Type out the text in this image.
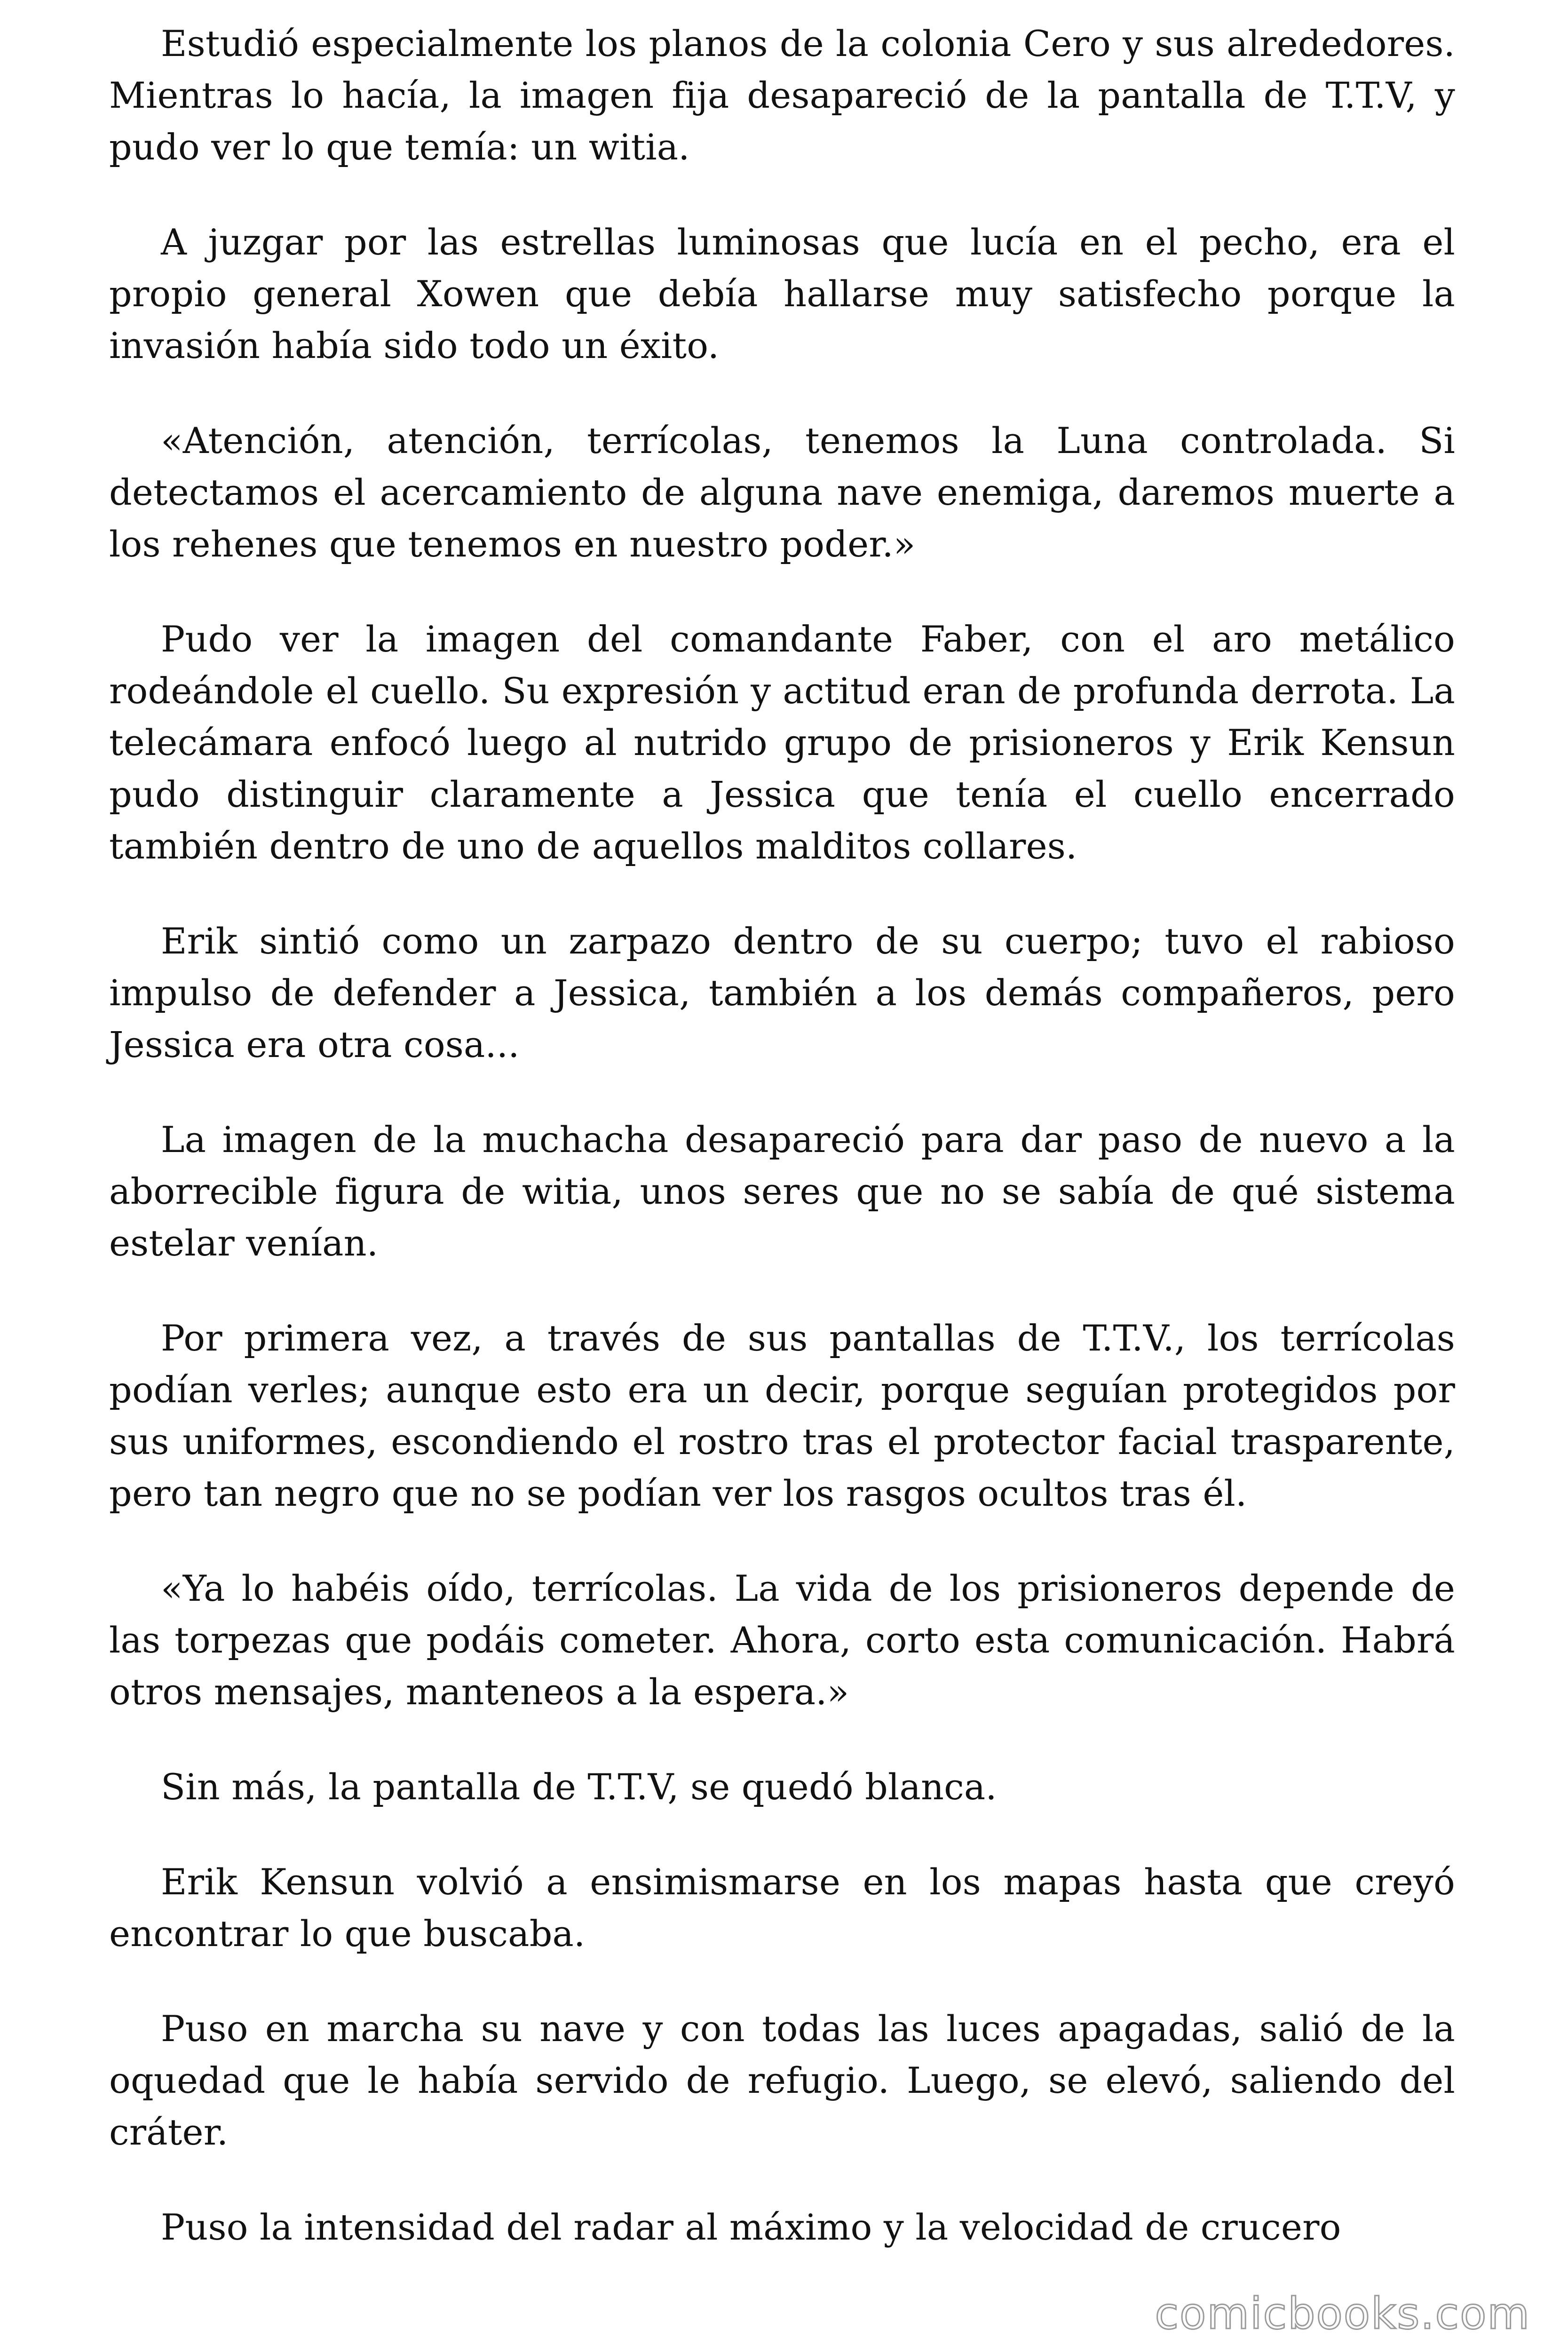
Estudió especialmente los planos de la colonia Cero y sus alrededores. Mientras lo hacía, la imagen fija desapareció de la pantalla de T.T.V, y pudo ver lo que temía: un witia.

A juzgar por las estrellas luminosas que lucía en el pecho, era el propio general Xowen que debía hallarse muy satisfecho porque la invasión había sido todo un éxito.

«Atención, atención, terrícolas, tenemos la Luna controlada. Si detectamos el acercamiento de alguna nave enemiga, daremos muerte a los rehenes que tenemos en nuestro poder.»

Pudo ver la imagen del comandante Faber, con el aro metálico rodeándole el cuello. Su expresión y actitud eran de profunda derrota. La telecámara enfocó luego al nutrido grupo de prisioneros y Erik Kensun pudo distinguir claramente a Jessica que tenía el cuello encerrado también dentro de uno de aquellos malditos collares.

Erik sintió como un zarpazo dentro de su cuerpo; tuvo el rabioso impulso de defender a Jessica, también a los demás compañeros, pero Jessica era otra cosa...

La imagen de la muchacha desapareció para dar paso de nuevo a la aborrecible figura de witia, unos seres que no se sabía de qué sistema estelar venían.

Por primera vez, a través de sus pantallas de T.T.V., los terrícolas podían verles; aunque esto era un decir, porque seguían protegidos por sus uniformes, escondiendo el rostro tras el protector facial trasparente, pero tan negro que no se podían ver los rasgos ocultos tras él.

«Ya lo habéis oído, terrícolas. La vida de los prisioneros depende de las torpezas que podáis cometer. Ahora, corto esta comunicación. Habrá otros mensajes, manteneos a la espera.»

Sin más, la pantalla de T.T.V, se quedó blanca.

Erik Kensun volvió a ensimismarse en los mapas hasta que creyó encontrar lo que buscaba.

Puso en marcha su nave y con todas las luces apagadas, salió de la oquedad que le había servido de refugio. Luego, se elevó, saliendo del cráter.

Puso la intensidad del radar al máximo y la velocidad de crucero

comicbooks.com
